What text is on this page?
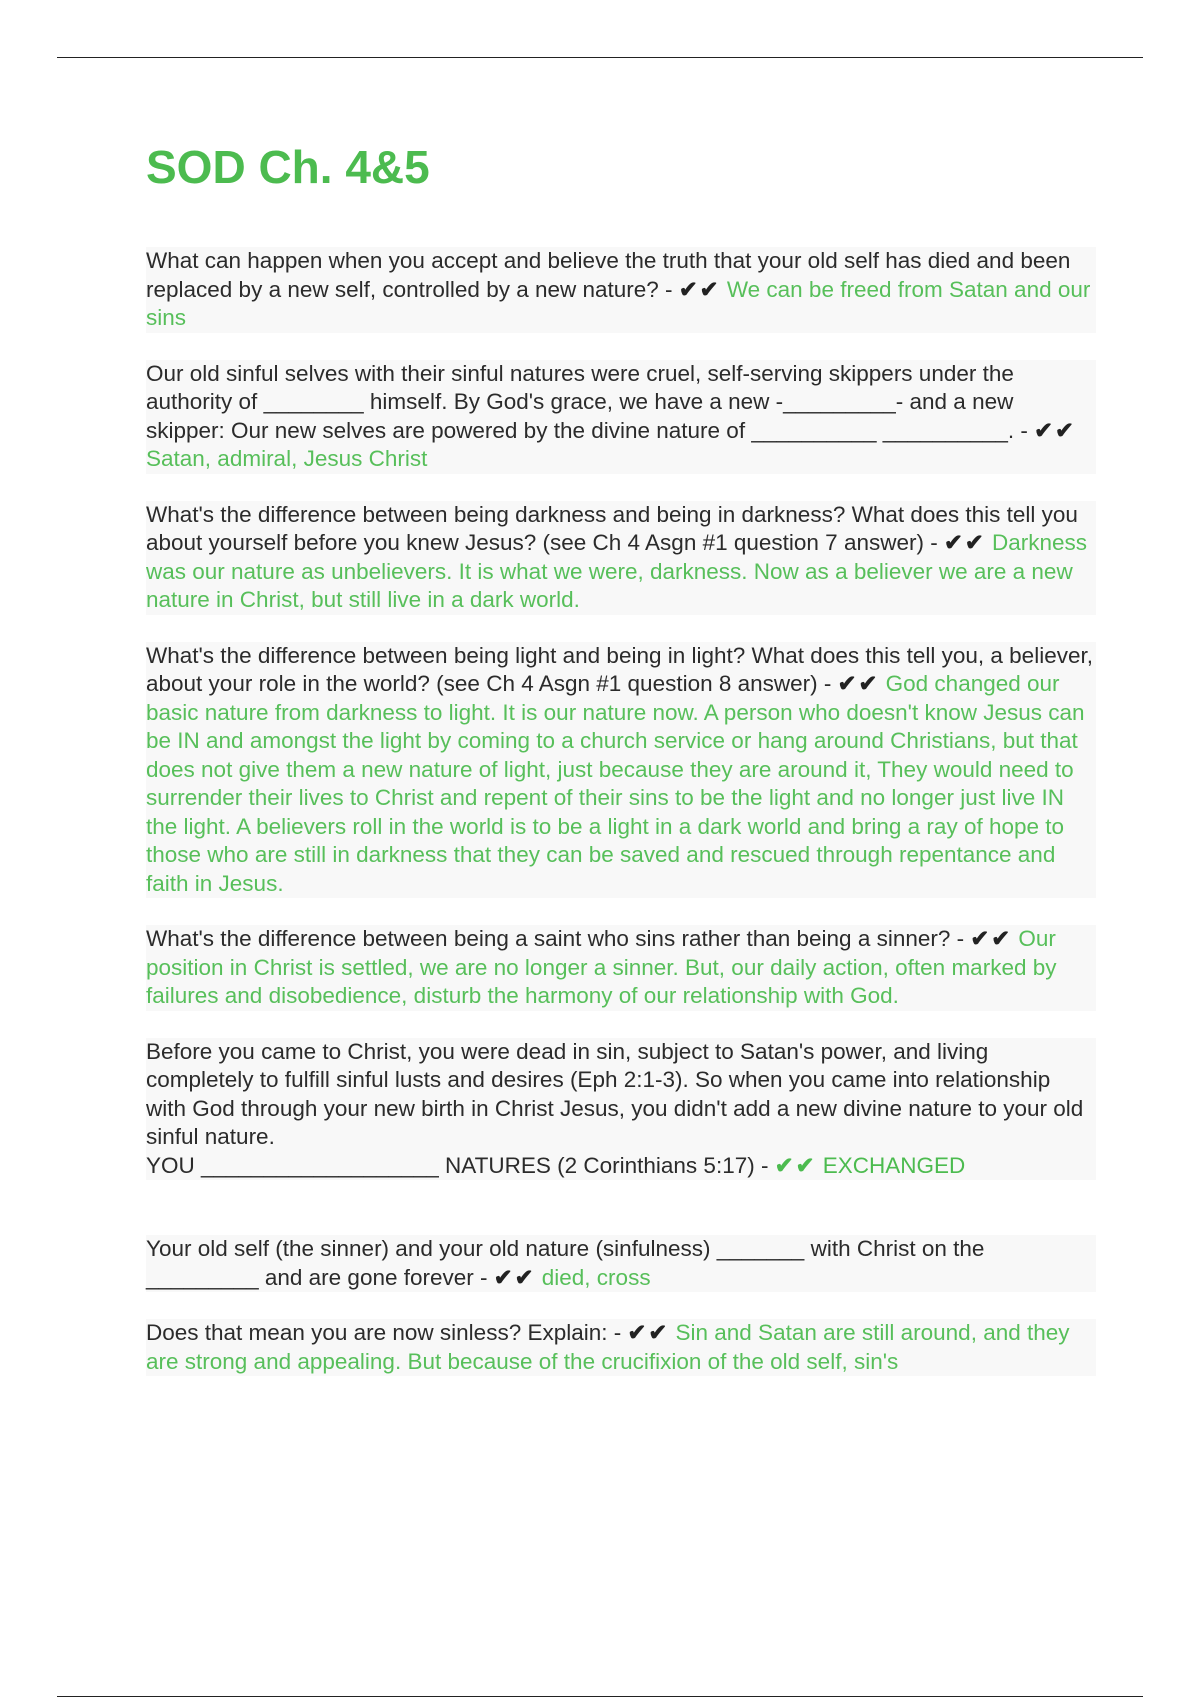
SOD Ch. 4&5

What can happen when you accept and believe the truth that your old self has died and been replaced by a new self, controlled by a new nature? - ✔✔ We can be freed from Satan and our sins

Our old sinful selves with their sinful natures were cruel, self-serving skippers under the authority of ________ himself. By God's grace, we have a new -_________- and a new skipper: Our new selves are powered by the divine nature of __________ __________. - ✔✔ Satan, admiral, Jesus Christ

What's the difference between being darkness and being in darkness? What does this tell you about yourself before you knew Jesus? (see Ch 4 Asgn #1 question 7 answer) - ✔✔ Darkness was our nature as unbelievers. It is what we were, darkness. Now as a believer we are a new nature in Christ, but still live in a dark world.

What's the difference between being light and being in light? What does this tell you, a believer, about your role in the world? (see Ch 4 Asgn #1 question 8 answer) - ✔✔ God changed our basic nature from darkness to light. It is our nature now. A person who doesn't know Jesus can be IN and amongst the light by coming to a church service or hang around Christians, but that does not give them a new nature of light, just because they are around it, They would need to surrender their lives to Christ and repent of their sins to be the light and no longer just live IN the light. A believers roll in the world is to be a light in a dark world and bring a ray of hope to those who are still in darkness that they can be saved and rescued through repentance and faith in Jesus.

What's the difference between being a saint who sins rather than being a sinner? - ✔✔ Our position in Christ is settled, we are no longer a sinner. But, our daily action, often marked by failures and disobedience, disturb the harmony of our relationship with God.

Before you came to Christ, you were dead in sin, subject to Satan's power, and living completely to fulfill sinful lusts and desires (Eph 2:1-3). So when you came into relationship with God through your new birth in Christ Jesus, you didn't add a new divine nature to your old sinful nature.
YOU ___________________ NATURES (2 Corinthians 5:17) - ✔✔ EXCHANGED

Your old self (the sinner) and your old nature (sinfulness) _______ with Christ on the _________ and are gone forever - ✔✔ died, cross

Does that mean you are now sinless? Explain: - ✔✔ Sin and Satan are still around, and they are strong and appealing. But because of the crucifixion of the old self, sin's
